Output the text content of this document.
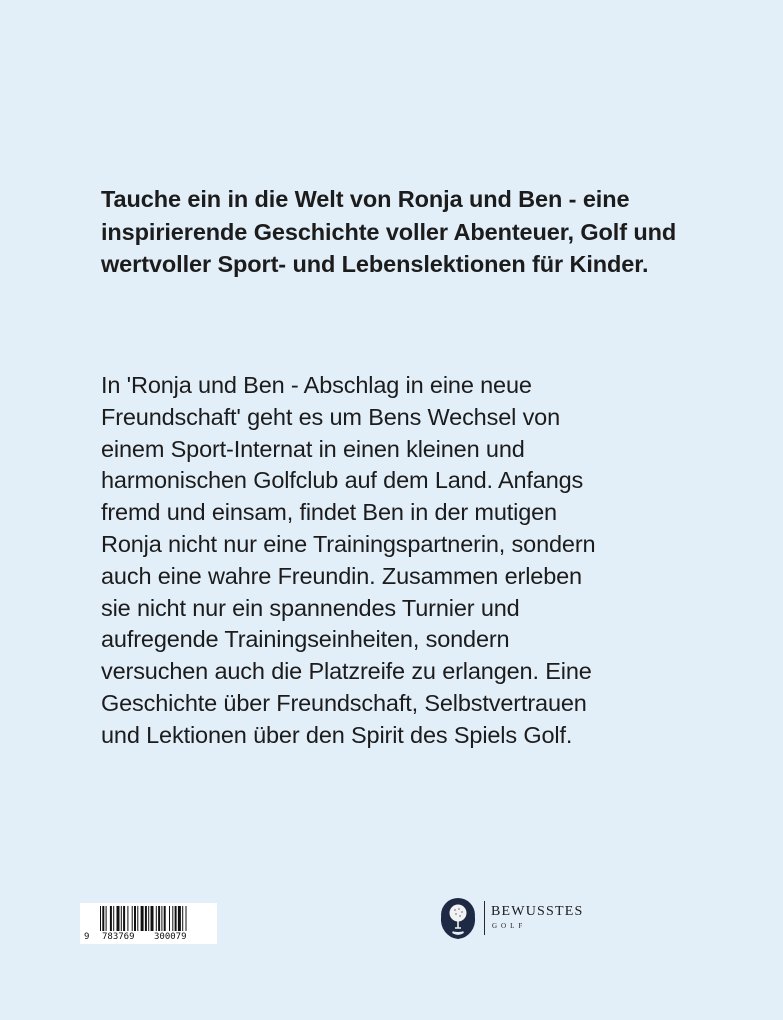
Tauche ein in die Welt von Ronja und Ben - eine inspirierende Geschichte voller Abenteuer, Golf und wertvoller Sport- und Lebenslektionen für Kinder.

In 'Ronja und Ben - Abschlag in eine neue
Freundschaft' geht es um Bens Wechsel von
einem Sport-Internat in einen kleinen und
harmonischen Golfclub auf dem Land. Anfangs
fremd und einsam, findet Ben in der mutigen
Ronja nicht nur eine Trainingspartnerin, sondern
auch eine wahre Freundin. Zusammen erleben
sie nicht nur ein spannendes Turnier und
aufregende Trainingseinheiten, sondern
versuchen auch die Platzreife zu erlangen. Eine
Geschichte über Freundschaft, Selbstvertrauen
und Lektionen über den Spirit des Spiels Golf.
9 783769 300079
BEWUSSTES
GOLF
